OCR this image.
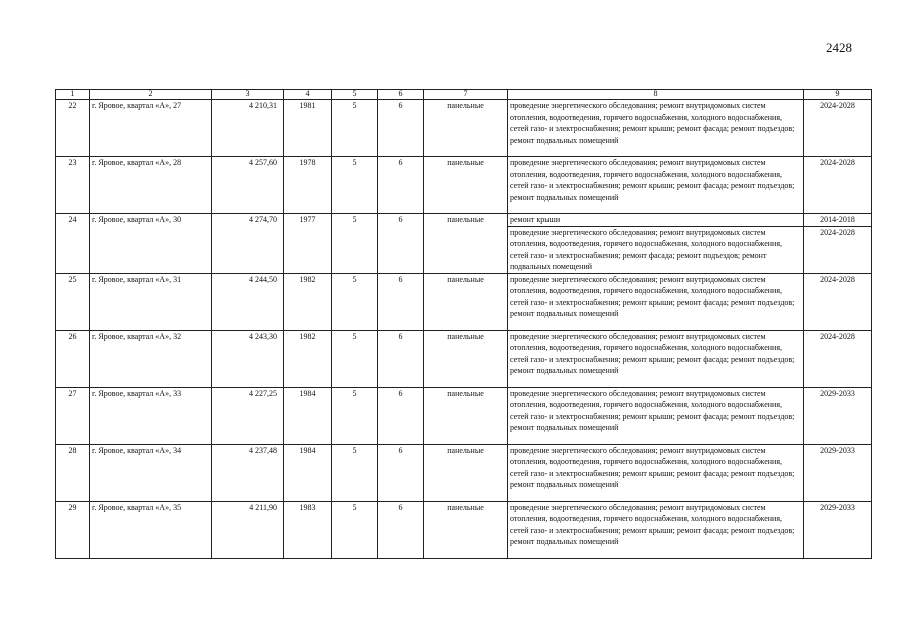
2428
1	2	3	4	5	6	7	8	9
22	г. Яровое, квартал «А», 27	4 210,31	1981	5	6	панельные	проведение энергетического обследования; ремонт внутридомовых систем отопления, водоотведения, горячего водоснабжения, холодного водоснабжения, сетей газо- и электроснабжения; ремонт крыши; ремонт фасада; ремонт подъездов; ремонт подвальных помещений	2024-2028
23	г. Яровое, квартал «А», 28	4 257,60	1978	5	6	панельные	проведение энергетического обследования; ремонт внутридомовых систем отопления, водоотведения, горячего водоснабжения, холодного водоснабжения, сетей газо- и электроснабжения; ремонт крыши; ремонт фасада; ремонт подъездов; ремонт подвальных помещений	2024-2028
24	г. Яровое, квартал «А», 30	4 274,70	1977	5	6	панельные	ремонт крыши	2014-2018
							проведение энергетического обследования; ремонт внутридомовых систем отопления, водоотведения, горячего водоснабжения, холодного водоснабжения, сетей газо- и электроснабжения; ремонт фасада; ремонт подъездов; ремонт подвальных помещений	2024-2028
25	г. Яровое, квартал «А», 31	4 244,50	1982	5	6	панельные	проведение энергетического обследования; ремонт внутридомовых систем отопления, водоотведения, горячего водоснабжения, холодного водоснабжения, сетей газо- и электроснабжения; ремонт крыши; ремонт фасада; ремонт подъездов; ремонт подвальных помещений	2024-2028
26	г. Яровое, квартал «А», 32	4 243,30	1982	5	6	панельные	проведение энергетического обследования; ремонт внутридомовых систем отопления, водоотведения, горячего водоснабжения, холодного водоснабжения, сетей газо- и электроснабжения; ремонт крыши; ремонт фасада; ремонт подъездов; ремонт подвальных помещений	2024-2028
27	г. Яровое, квартал «А», 33	4 227,25	1984	5	6	панельные	проведение энергетического обследования; ремонт внутридомовых систем отопления, водоотведения, горячего водоснабжения, холодного водоснабжения, сетей газо- и электроснабжения; ремонт крыши; ремонт фасада; ремонт подъездов; ремонт подвальных помещений	2029-2033
28	г. Яровое, квартал «А», 34	4 237,48	1984	5	6	панельные	проведение энергетического обследования; ремонт внутридомовых систем отопления, водоотведения, горячего водоснабжения, холодного водоснабжения, сетей газо- и электроснабжения; ремонт крыши; ремонт фасада; ремонт подъездов; ремонт подвальных помещений	2029-2033
29	г. Яровое, квартал «А», 35	4 211,90	1983	5	6	панельные	проведение энергетического обследования; ремонт внутридомовых систем отопления, водоотведения, горячего водоснабжения, холодного водоснабжения, сетей газо- и электроснабжения; ремонт крыши; ремонт фасада; ремонт подъездов; ремонт подвальных помещений	2029-2033
